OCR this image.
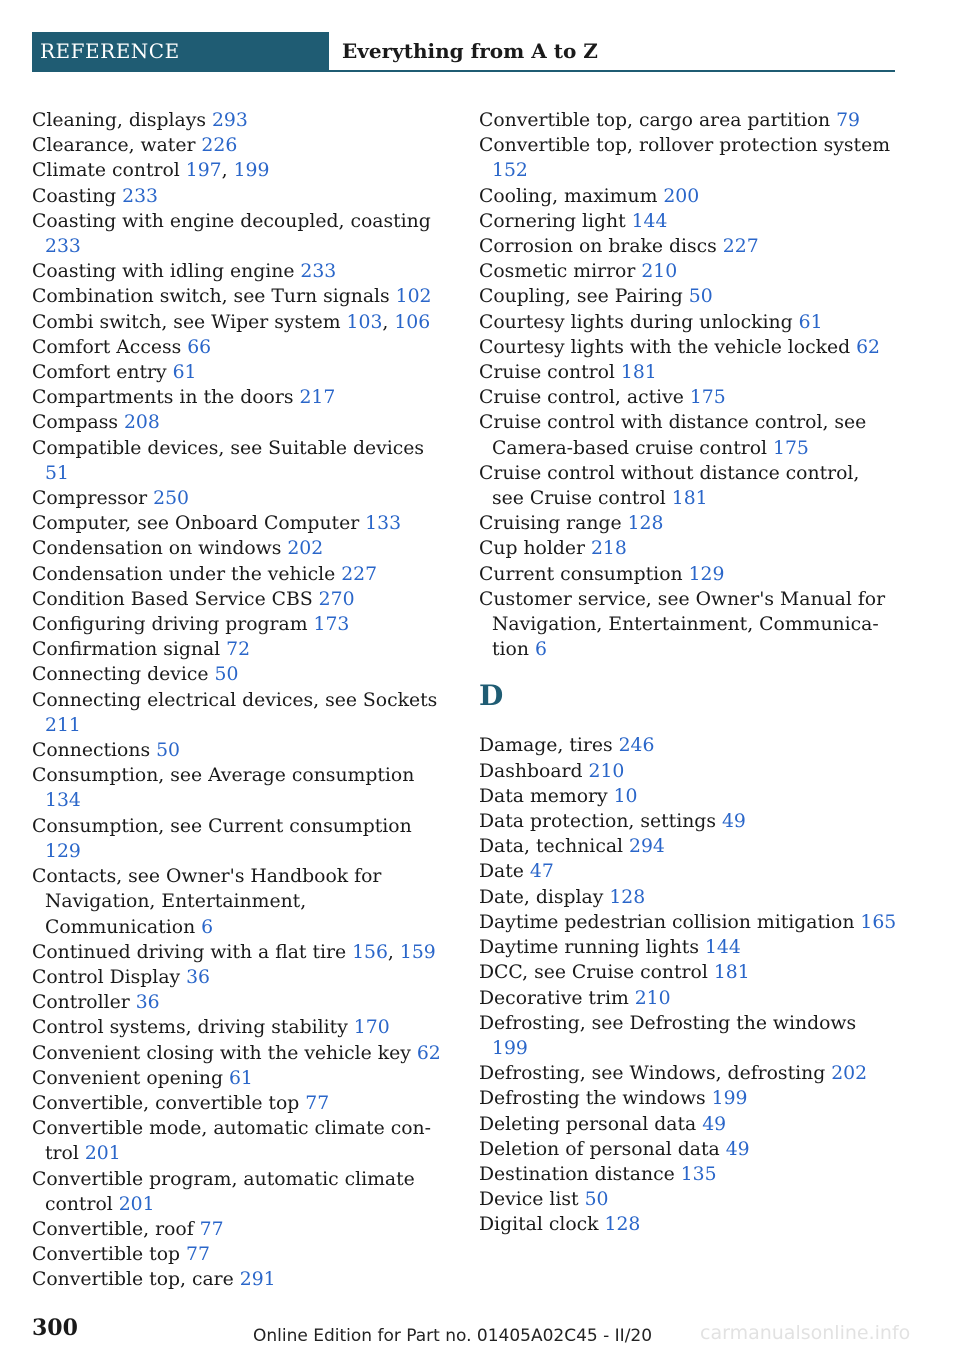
REFERENCE	Everything from A to Z
Cleaning, displays 293
Clearance, water 226
Climate control 197, 199
Coasting 233
Coasting with engine decoupled, coasting 233
Coasting with idling engine 233
Combination switch, see Turn signals 102
Combi switch, see Wiper system 103, 106
Comfort Access 66
Comfort entry 61
Compartments in the doors 217
Compass 208
Compatible devices, see Suitable devices 51
Compressor 250
Computer, see Onboard Computer 133
Condensation on windows 202
Condensation under the vehicle 227
Condition Based Service CBS 270
Configuring driving program 173
Confirmation signal 72
Connecting device 50
Connecting electrical devices, see Sockets 211
Connections 50
Consumption, see Average consumption 134
Consumption, see Current consumption 129
Contacts, see Owner's Handbook for Navigation, Entertainment, Communication 6
Continued driving with a flat tire 156, 159
Control Display 36
Controller 36
Control systems, driving stability 170
Convenient closing with the vehicle key 62
Convenient opening 61
Convertible, convertible top 77
Convertible mode, automatic climate control 201
Convertible program, automatic climate control 201
Convertible, roof 77
Convertible top 77
Convertible top, care 291
Convertible top, cargo area partition 79
Convertible top, rollover protection system 152
Cooling, maximum 200
Cornering light 144
Corrosion on brake discs 227
Cosmetic mirror 210
Coupling, see Pairing 50
Courtesy lights during unlocking 61
Courtesy lights with the vehicle locked 62
Cruise control 181
Cruise control, active 175
Cruise control with distance control, see Camera-based cruise control 175
Cruise control without distance control, see Cruise control 181
Cruising range 128
Cup holder 218
Current consumption 129
Customer service, see Owner's Manual for Navigation, Entertainment, Communication 6
D
Damage, tires 246
Dashboard 210
Data memory 10
Data protection, settings 49
Data, technical 294
Date 47
Date, display 128
Daytime pedestrian collision mitigation 165
Daytime running lights 144
DCC, see Cruise control 181
Decorative trim 210
Defrosting, see Defrosting the windows 199
Defrosting, see Windows, defrosting 202
Defrosting the windows 199
Deleting personal data 49
Deletion of personal data 49
Destination distance 135
Device list 50
Digital clock 128
300	Online Edition for Part no. 01405A02C45 - II/20	carmanualsonline.info
